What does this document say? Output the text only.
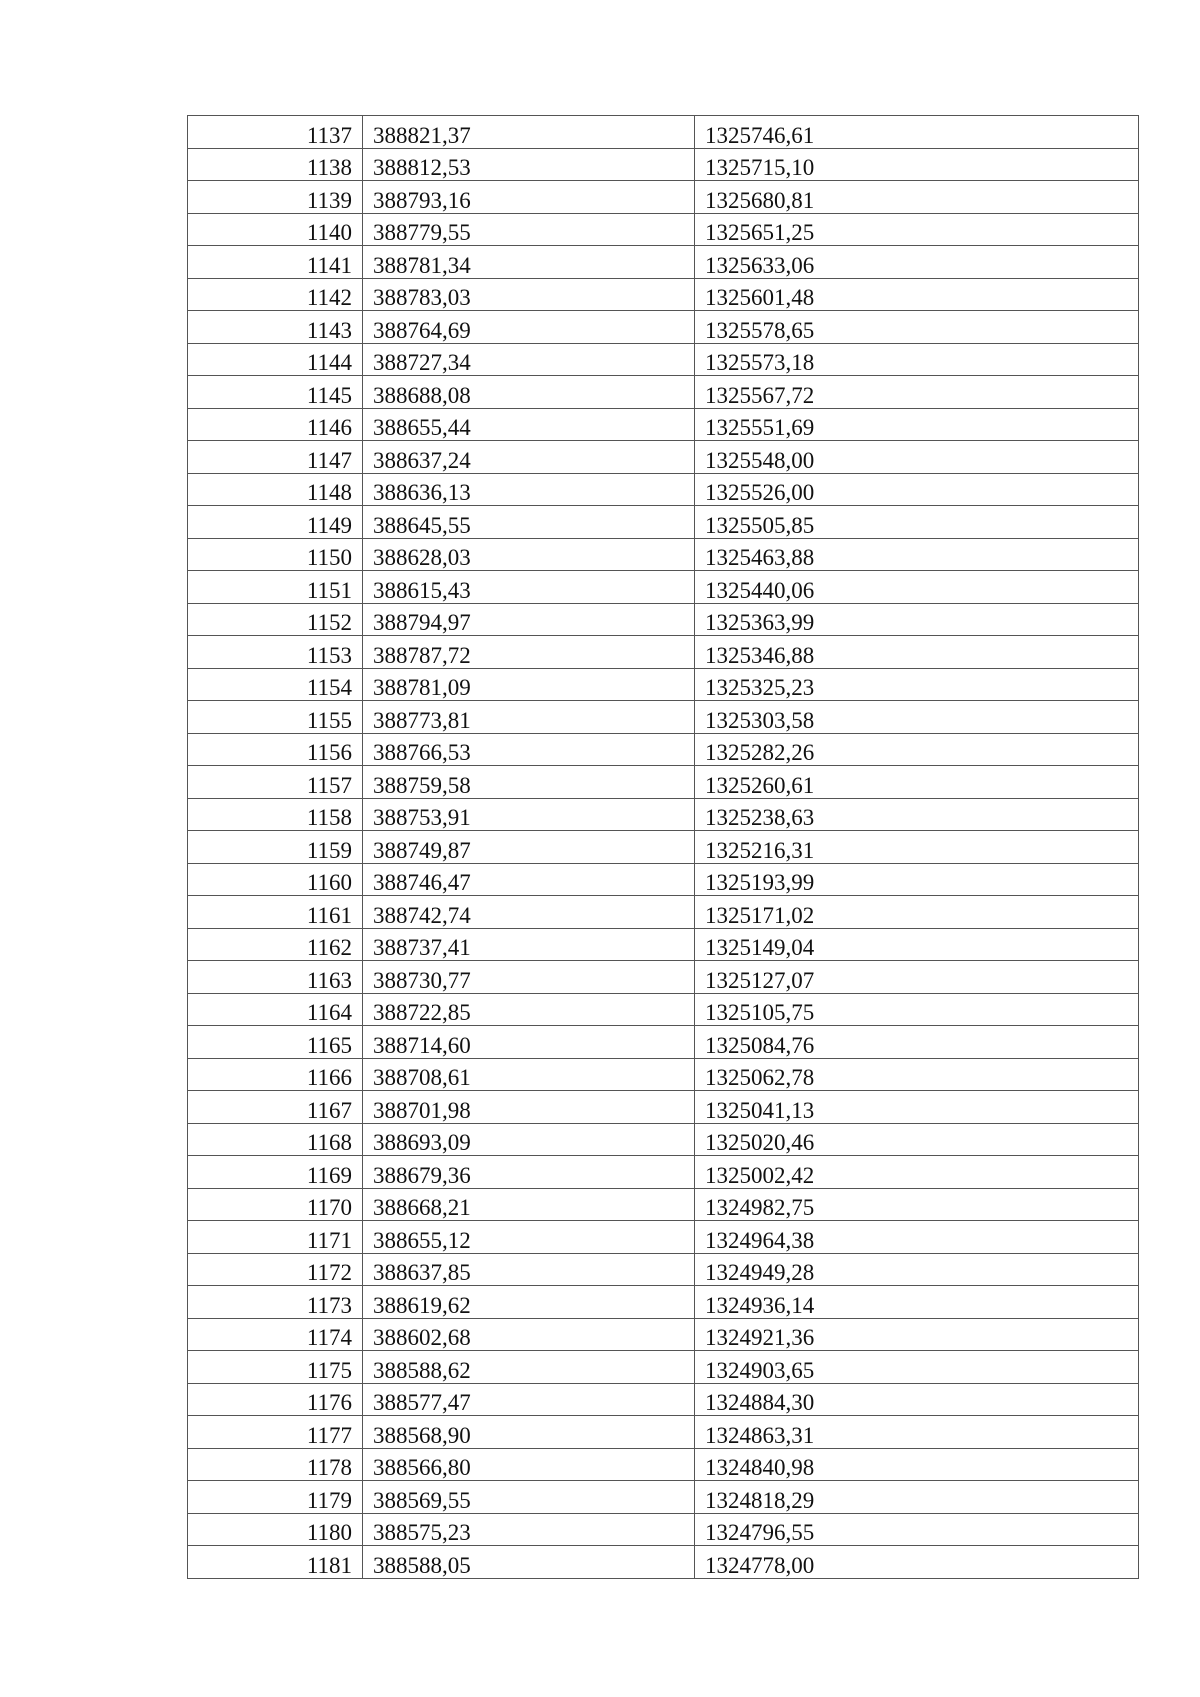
1137	388821,37	1325746,61
1138	388812,53	1325715,10
1139	388793,16	1325680,81
1140	388779,55	1325651,25
1141	388781,34	1325633,06
1142	388783,03	1325601,48
1143	388764,69	1325578,65
1144	388727,34	1325573,18
1145	388688,08	1325567,72
1146	388655,44	1325551,69
1147	388637,24	1325548,00
1148	388636,13	1325526,00
1149	388645,55	1325505,85
1150	388628,03	1325463,88
1151	388615,43	1325440,06
1152	388794,97	1325363,99
1153	388787,72	1325346,88
1154	388781,09	1325325,23
1155	388773,81	1325303,58
1156	388766,53	1325282,26
1157	388759,58	1325260,61
1158	388753,91	1325238,63
1159	388749,87	1325216,31
1160	388746,47	1325193,99
1161	388742,74	1325171,02
1162	388737,41	1325149,04
1163	388730,77	1325127,07
1164	388722,85	1325105,75
1165	388714,60	1325084,76
1166	388708,61	1325062,78
1167	388701,98	1325041,13
1168	388693,09	1325020,46
1169	388679,36	1325002,42
1170	388668,21	1324982,75
1171	388655,12	1324964,38
1172	388637,85	1324949,28
1173	388619,62	1324936,14
1174	388602,68	1324921,36
1175	388588,62	1324903,65
1176	388577,47	1324884,30
1177	388568,90	1324863,31
1178	388566,80	1324840,98
1179	388569,55	1324818,29
1180	388575,23	1324796,55
1181	388588,05	1324778,00
